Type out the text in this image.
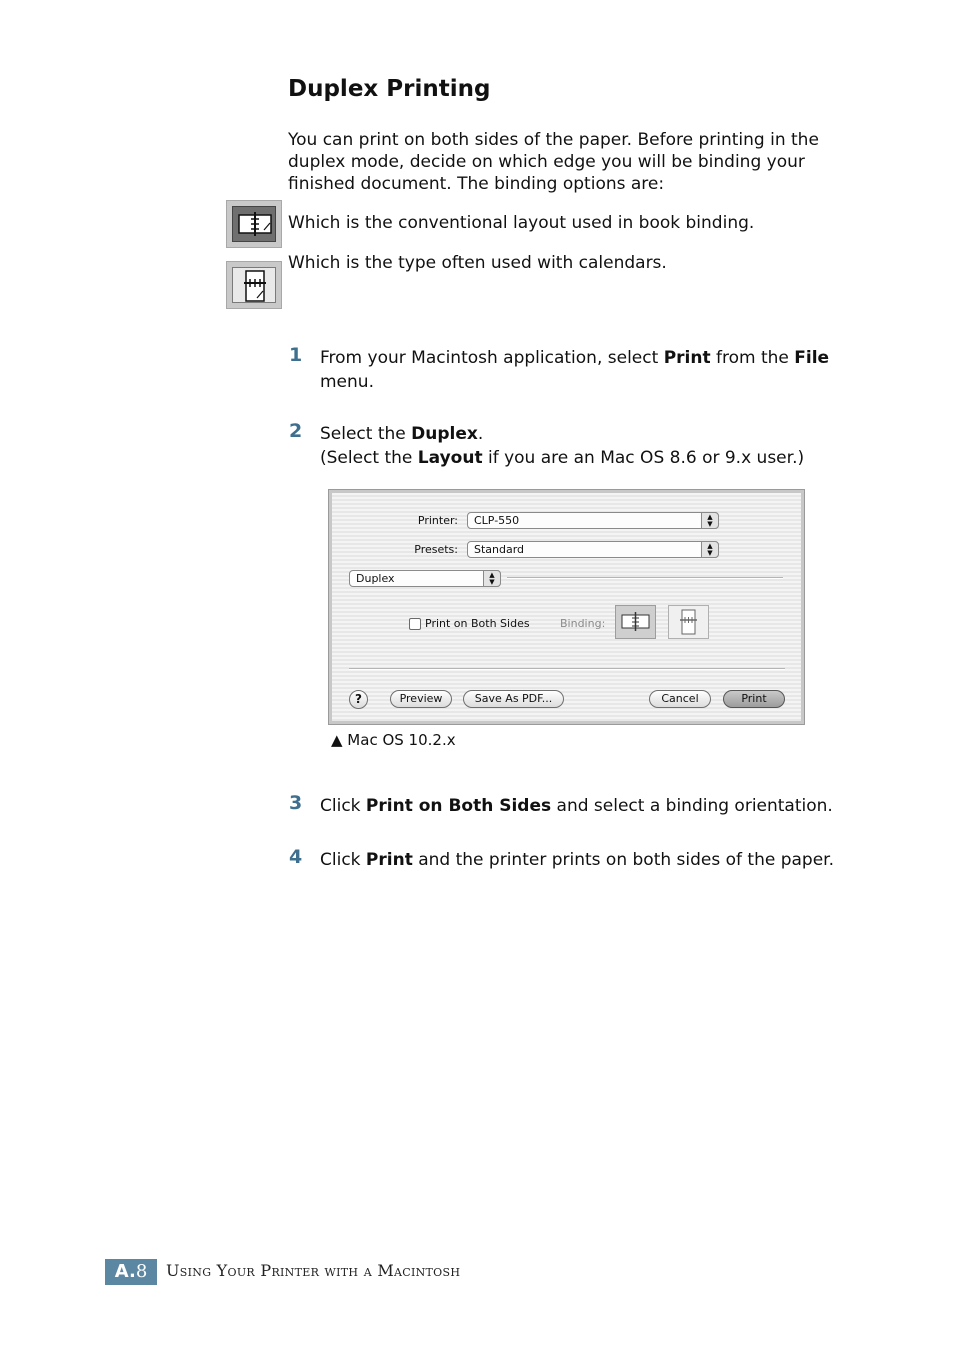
Duplex Printing

You can print on both sides of the paper. Before printing in the duplex mode, decide on which edge you will be binding your finished document. The binding options are:

Which is the conventional layout used in book binding.
Which is the type often used with calendars.
1 From your Macintosh application, select Print from the File
menu.
2 Select the Duplex.
(Select the Layout if you are an Mac OS 8.6 or 9.x user.)
Printer: CLP-550	▲
▼
Presets: Standard	▲
▼
Duplex	▲
▼
Print on Both Sides	Binding:
?	Preview	Save As PDF...	Cancel	Print
▲ Mac OS 10.2.x
3 Click Print on Both Sides and select a binding orientation.
4 Click Print and the printer prints on both sides of the paper.
A.8	Using Your Printer with a Macintosh
